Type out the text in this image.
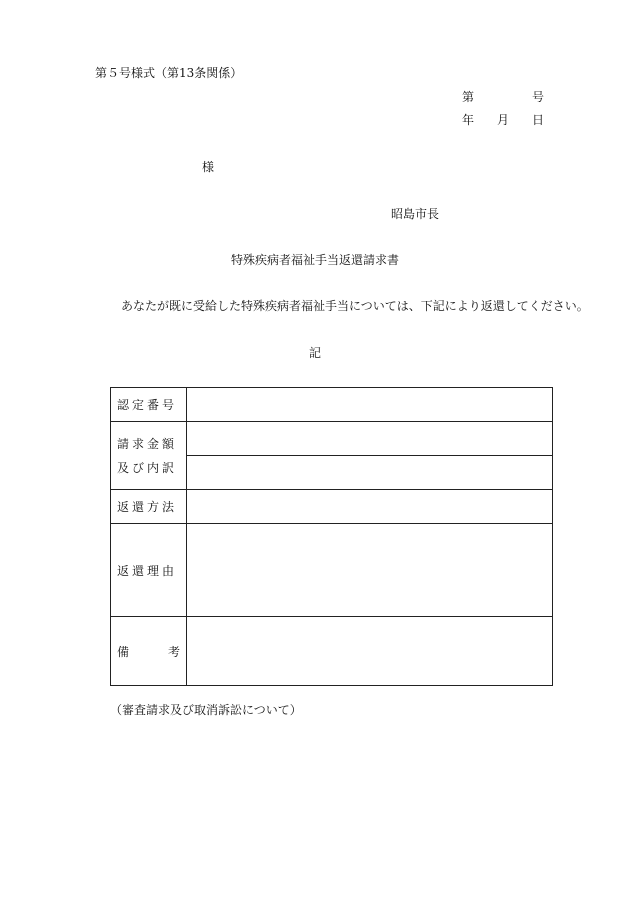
第５号様式（第13条関係）
第	号
年 月 日
様
昭島市長
特殊疾病者福祉手当返還請求書
あなたが既に受給した特殊疾病者福祉手当については、下記により返還してください。
記
認定番号	

請求金額
及び内訳	

返還方法	
返還理由	

備 考	

（審査請求及び取消訴訟について）
